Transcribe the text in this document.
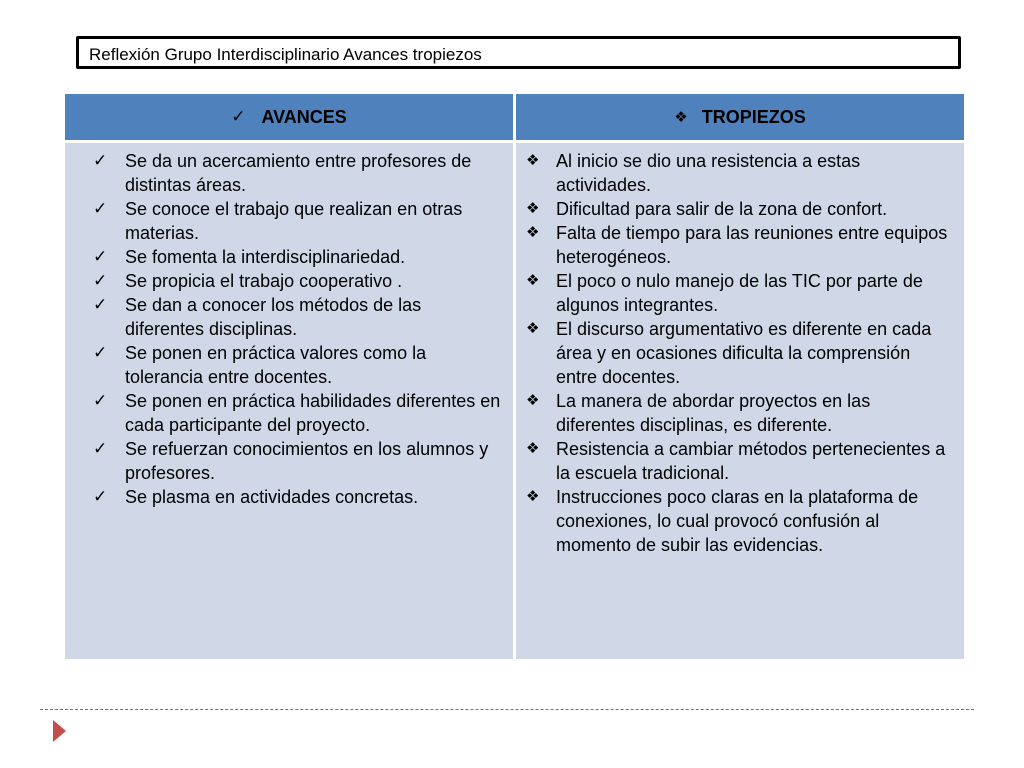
Reflexión Grupo Interdisciplinario Avances tropiezos
✓ AVANCES	❖ TROPIEZOS
✓ Se da un acercamiento entre profesores de distintas áreas.
✓ Se conoce el trabajo que realizan en otras materias.
✓ Se fomenta la interdisciplinariedad.
✓ Se propicia el trabajo cooperativo .
✓ Se dan a conocer los métodos de las diferentes disciplinas.
✓ Se ponen en práctica valores como la tolerancia entre docentes.
✓ Se ponen en práctica habilidades diferentes en cada participante del proyecto.
✓ Se refuerzan conocimientos en los alumnos y profesores.
✓ Se plasma en actividades concretas.
❖ Al inicio se dio una resistencia a estas actividades.
❖ Dificultad para salir de la zona de confort.
❖ Falta de tiempo para las reuniones entre equipos heterogéneos.
❖ El poco o nulo manejo de las TIC por parte de algunos integrantes.
❖ El discurso argumentativo es diferente en cada área y en ocasiones dificulta la comprensión entre docentes.
❖ La manera de abordar proyectos en las diferentes disciplinas, es diferente.
❖ Resistencia a cambiar métodos pertenecientes a la escuela tradicional.
❖ Instrucciones poco claras en la plataforma de conexiones, lo cual provocó confusión al momento de subir las evidencias.
